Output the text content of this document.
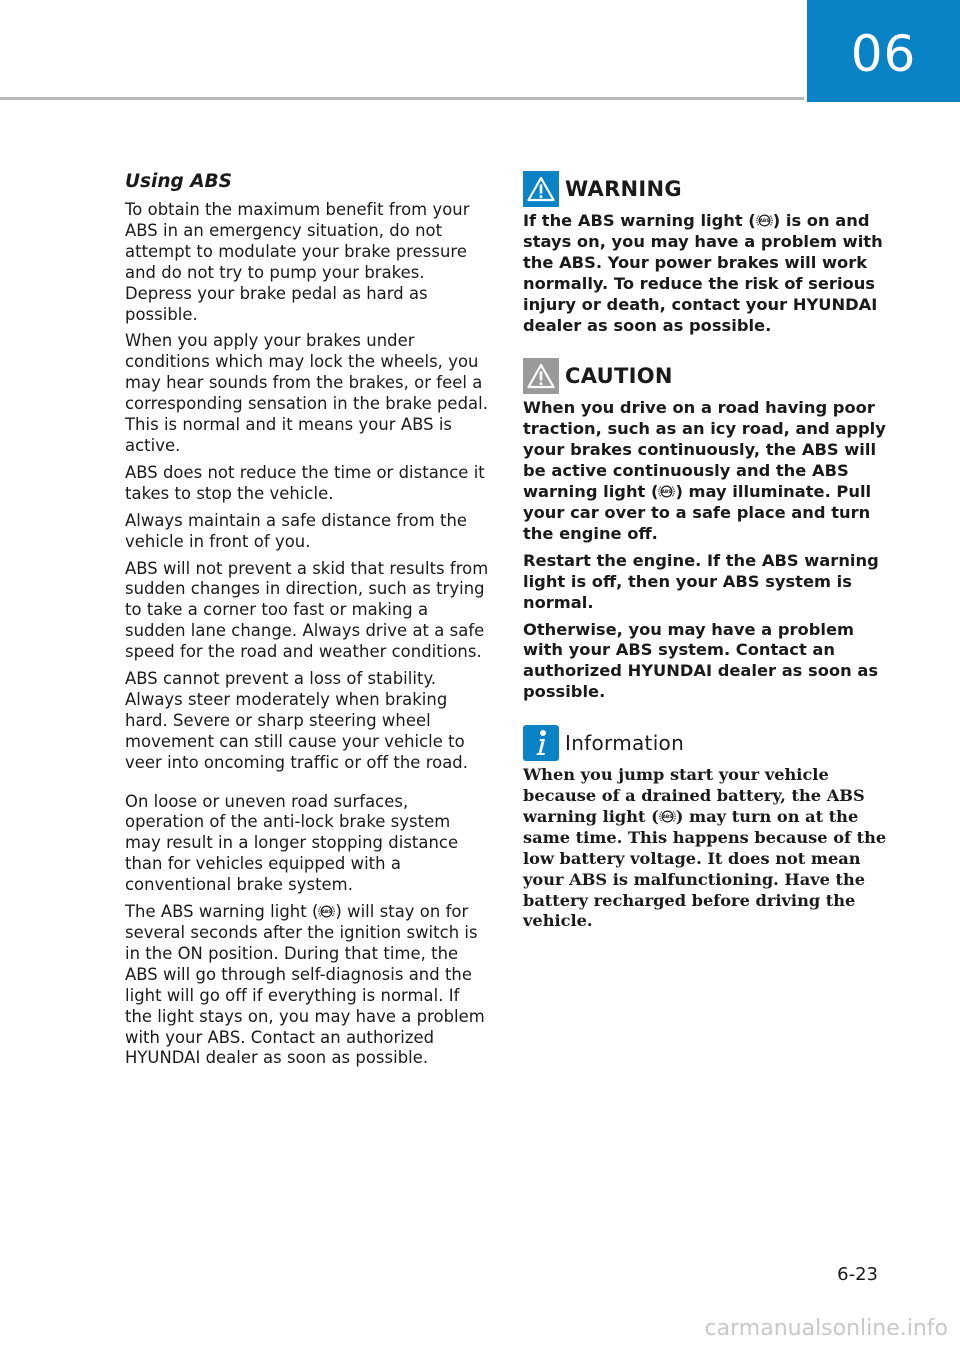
06
Using ABS

To obtain the maximum benefit from your ABS in an emergency situation, do not attempt to modulate your brake pressure and do not try to pump your brakes. Depress your brake pedal as hard as possible.

When you apply your brakes under conditions which may lock the wheels, you may hear sounds from the brakes, or feel a corresponding sensation in the brake pedal. This is normal and it means your ABS is active.

ABS does not reduce the time or distance it takes to stop the vehicle.

Always maintain a safe distance from the vehicle in front of you.

ABS will not prevent a skid that results from sudden changes in direction, such as trying to take a corner too fast or making a sudden lane change. Always drive at a safe speed for the road and weather conditions.

ABS cannot prevent a loss of stability. Always steer moderately when braking hard. Severe or sharp steering wheel movement can still cause your vehicle to veer into oncoming traffic or off the road.

On loose or uneven road surfaces, operation of the anti-lock brake system may result in a longer stopping distance than for vehicles equipped with a conventional brake system.

The ABS warning light ( ) will stay on for several seconds after the ignition switch is in the ON position. During that time, the ABS will go through self-diagnosis and the light will go off if everything is normal. If the light stays on, you may have a problem with your ABS. Contact an authorized HYUNDAI dealer as soon as possible.

WARNING

If the ABS warning light ( ) is on and stays on, you may have a problem with the ABS. Your power brakes will work normally. To reduce the risk of serious injury or death, contact your HYUNDAI dealer as soon as possible.

CAUTION

When you drive on a road having poor traction, such as an icy road, and apply your brakes continuously, the ABS will be active continuously and the ABS warning light ( ) may illuminate. Pull your car over to a safe place and turn the engine off.

Restart the engine. If the ABS warning light is off, then your ABS system is normal.

Otherwise, you may have a problem with your ABS system. Contact an authorized HYUNDAI dealer as soon as possible.

Information

When you jump start your vehicle because of a drained battery, the ABS warning light ( ) may turn on at the same time. This happens because of the low battery voltage. It does not mean your ABS is malfunctioning. Have the battery recharged before driving the vehicle.

6-23
carmanualsonline.info
